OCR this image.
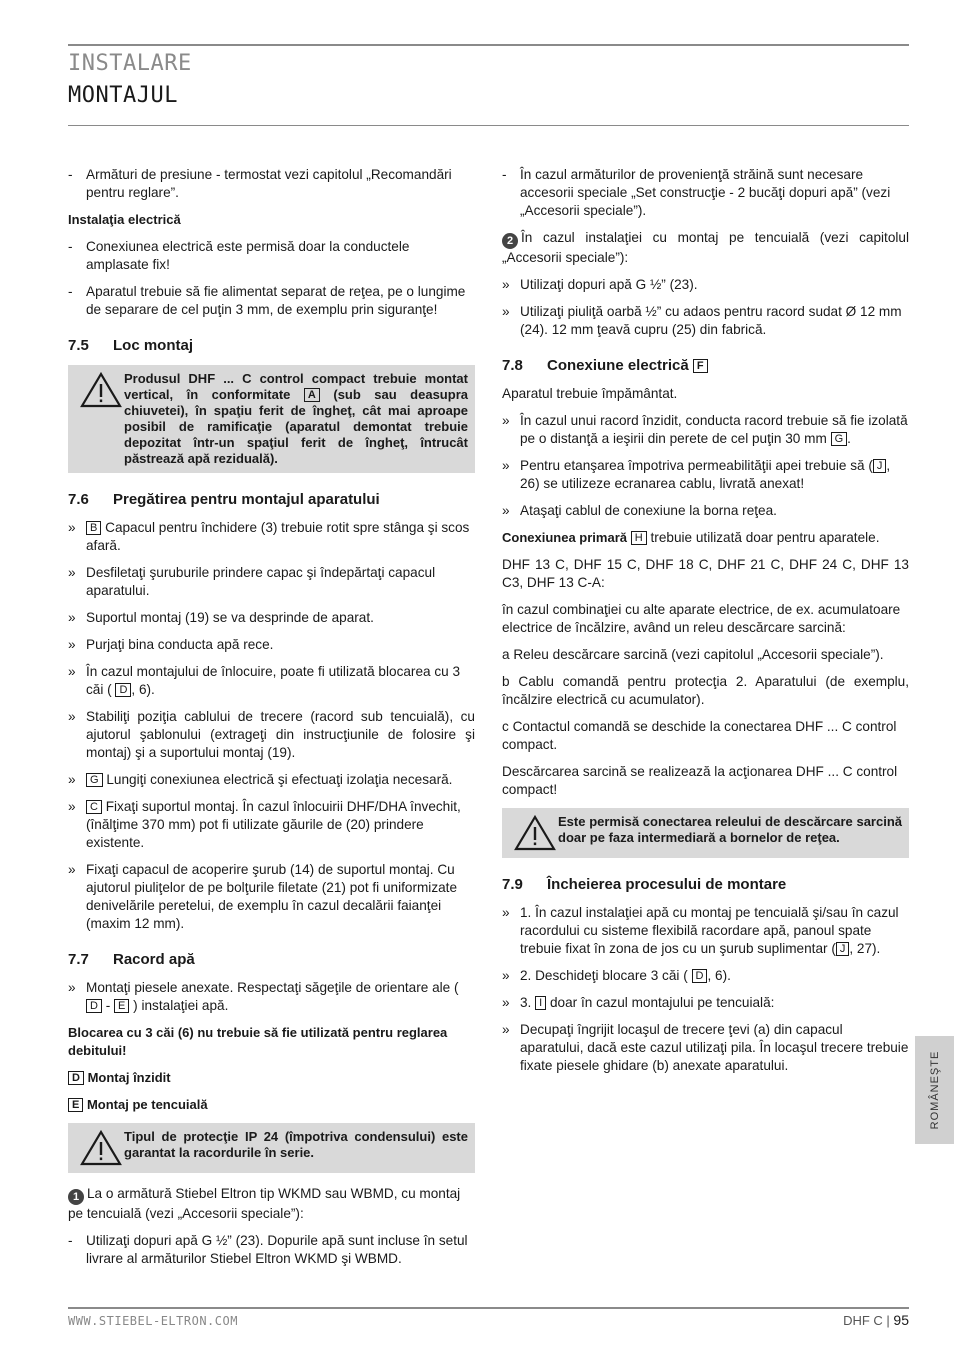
INSTALARE
MONTAJUL
- Armături de presiune - termostat vezi capitolul „Recomandări pentru reglare”.

Instalaţia electrică

- Conexiunea electrică este permisă doar la conductele amplasate fix!
- Aparatul trebuie să fie alimentat separat de reţea, pe o lungime de separare de cel puţin 3 mm, de exemplu prin siguranţe!
7.5 Loc montaj
Produsul DHF ... C control compact trebuie montat vertical, în conformitate A (sub sau deasupra chiuvetei), în spaţiu ferit de îngheţ, cât mai aproape posibil de ramificaţie (aparatul demontat trebuie depozitat într-un spaţiul ferit de îngheţ, întrucât păstrează apă reziduală).
7.6 Pregătirea pentru montajul aparatului
» B Capacul pentru închidere (3) trebuie rotit spre stânga şi scos afară.
» Desfiletaţi şuruburile prindere capac şi îndepărtaţi capacul aparatului.
» Suportul montaj (19) se va desprinde de aparat.
» Purjaţi bina conducta apă rece.
» În cazul montajului de înlocuire, poate fi utilizată blocarea cu 3 căi ( D , 6).
» Stabiliţi poziţia cablului de trecere (racord sub tencuială), cu ajutorul şablonului (extrageţi din instrucţiunile de folosire şi montaj) şi a suportului montaj (19).
» G Lungiţi conexiunea electrică şi efectuaţi izolaţia necesară.
» C Fixaţi suportul montaj. În cazul înlocuirii DHF/DHA învechit, (înălţime 370 mm) pot fi utilizate găurile de (20) prindere existente.
» Fixaţi capacul de acoperire şurub (14) de suportul montaj. Cu ajutorul piuliţelor de pe bolţurile filetate (21) pot fi uniformizate denivelările peretelui, de exemplu în cazul decalării faianţei (maxim 12 mm).
7.7 Racord apă
» Montaţi piesele anexate. Respectaţi săgeţile de orientare ale ( D - E ) instalaţiei apă.

Blocarea cu 3 căi (6) nu trebuie să fie utilizată pentru reglarea debitului!

D Montaj înzidit

E Montaj pe tencuială

Tipul de protecţie IP 24 (împotriva condensului) este garantat la racordurile în serie.

1 La o armătură Stiebel Eltron tip WKMD sau WBMD, cu montaj pe tencuială (vezi „Accesorii speciale”):

- Utilizaţi dopuri apă G ½” (23). Dopurile apă sunt incluse în setul livrare al armăturilor Stiebel Eltron WKMD şi WBMD.
- În cazul armăturilor de provenienţă străină sunt necesare accesorii speciale „Set construcţie - 2 bucăţi dopuri apă” (vezi „Accesorii speciale”).

2 În cazul instalaţiei cu montaj pe tencuială (vezi capitolul „Accesorii speciale”):

» Utilizaţi dopuri apă G ½” (23).
» Utilizaţi piuliţă oarbă ½” cu adaos pentru racord sudat Ø 12 mm (24). 12 mm ţeavă cupru (25) din fabrică.
7.8 Conexiune electrică F

Aparatul trebuie împământat.

» În cazul unui racord înzidit, conducta racord trebuie să fie izolată pe o distanţă a ieşirii din perete de cel puţin 30 mm G .
» Pentru etanşarea împotriva permeabilităţii apei trebuie să ( J , 26) se utilizeze ecranarea cablu, livrată anexat!
» Ataşaţi cablul de conexiune la borna reţea.

Conexiunea primară H trebuie utilizată doar pentru aparatele.

DHF 13 C, DHF 15 C, DHF 18 C, DHF 21 C, DHF 24 C, DHF 13 C3, DHF 13 C-A:

în cazul combinaţiei cu alte aparate electrice, de ex. acumulatoare electrice de încălzire, având un releu descărcare sarcină:

a Releu descărcare sarcină (vezi capitolul „Accesorii speciale”).

b Cablu comandă pentru protecţia 2. Aparatului (de exemplu, încălzire electrică cu acumulator).

c Contactul comandă se deschide la conectarea DHF ... C control compact.

Descărcarea sarcină se realizează la acţionarea DHF ... C control compact!

Este permisă conectarea releului de descărcare sarcină doar pe faza intermediară a bornelor de reţea.
7.9 Încheierea procesului de montare
» 1. În cazul instalaţiei apă cu montaj pe tencuială şi/sau în cazul racordului cu sisteme flexibilă racordare apă, panoul spate trebuie fixat în zona de jos cu un şurub suplimentar ( J , 27).
» 2. Deschideţi blocare 3 căi ( D , 6).
» 3. I doar în cazul montajului pe tencuială:
» Decupaţi îngrijit locaşul de trecere ţevi (a) din capacul aparatului, dacă este cazul utilizaţi pila. În locaşul trecere trebuie fixate piesele ghidare (b) anexate aparatului.	ROMÂNEŞTE
WWW.STIEBEL-ELTRON.COM	DHF C | 95
